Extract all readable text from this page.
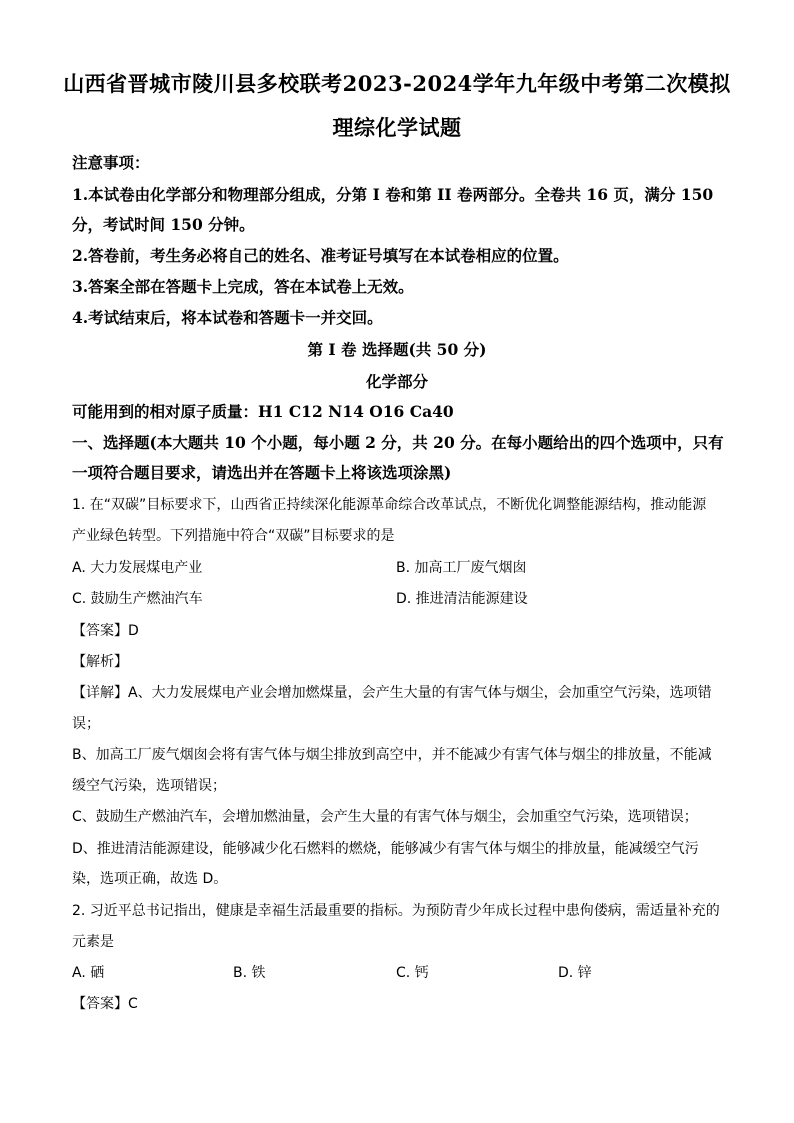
山西省晋城市陵川县多校联考2023-2024学年九年级中考第二次模拟
理综化学试题
注意事项：
1.本试卷由化学部分和物理部分组成，分第 I 卷和第 II 卷两部分。全卷共 16 页，满分 150
分，考试时间 150 分钟。
2.答卷前，考生务必将自己的姓名、准考证号填写在本试卷相应的位置。
3.答案全部在答题卡上完成，答在本试卷上无效。
4.考试结束后，将本试卷和答题卡一并交回。
第 I 卷 选择题(共 50 分)
化学部分
可能用到的相对原子质量：H1 C12 N14 O16 Ca40
一、选择题(本大题共 10 个小题，每小题 2 分，共 20 分。在每小题给出的四个选项中，只有
一项符合题目要求，请选出并在答题卡上将该选项涂黑)
1. 在“双碳”目标要求下，山西省正持续深化能源革命综合改革试点，不断优化调整能源结构，推动能源
产业绿色转型。下列措施中符合“双碳”目标要求的是
A. 大力发展煤电产业	B. 加高工厂废气烟囱
C. 鼓励生产燃油汽车	D. 推进清洁能源建设
【答案】D
【解析】
【详解】A、大力发展煤电产业会增加燃煤量，会产生大量的有害气体与烟尘，会加重空气污染，选项错
误；
B、加高工厂废气烟囱会将有害气体与烟尘排放到高空中，并不能减少有害气体与烟尘的排放量，不能减
缓空气污染，选项错误；
C、鼓励生产燃油汽车，会增加燃油量，会产生大量的有害气体与烟尘，会加重空气污染，选项错误；
D、推进清洁能源建设，能够减少化石燃料的燃烧，能够减少有害气体与烟尘的排放量，能减缓空气污
染，选项正确，故选 D。
2. 习近平总书记指出，健康是幸福生活最重要的指标。为预防青少年成长过程中患佝偻病，需适量补充的
元素是
A. 硒	B. 铁	C. 钙	D. 锌
【答案】C
